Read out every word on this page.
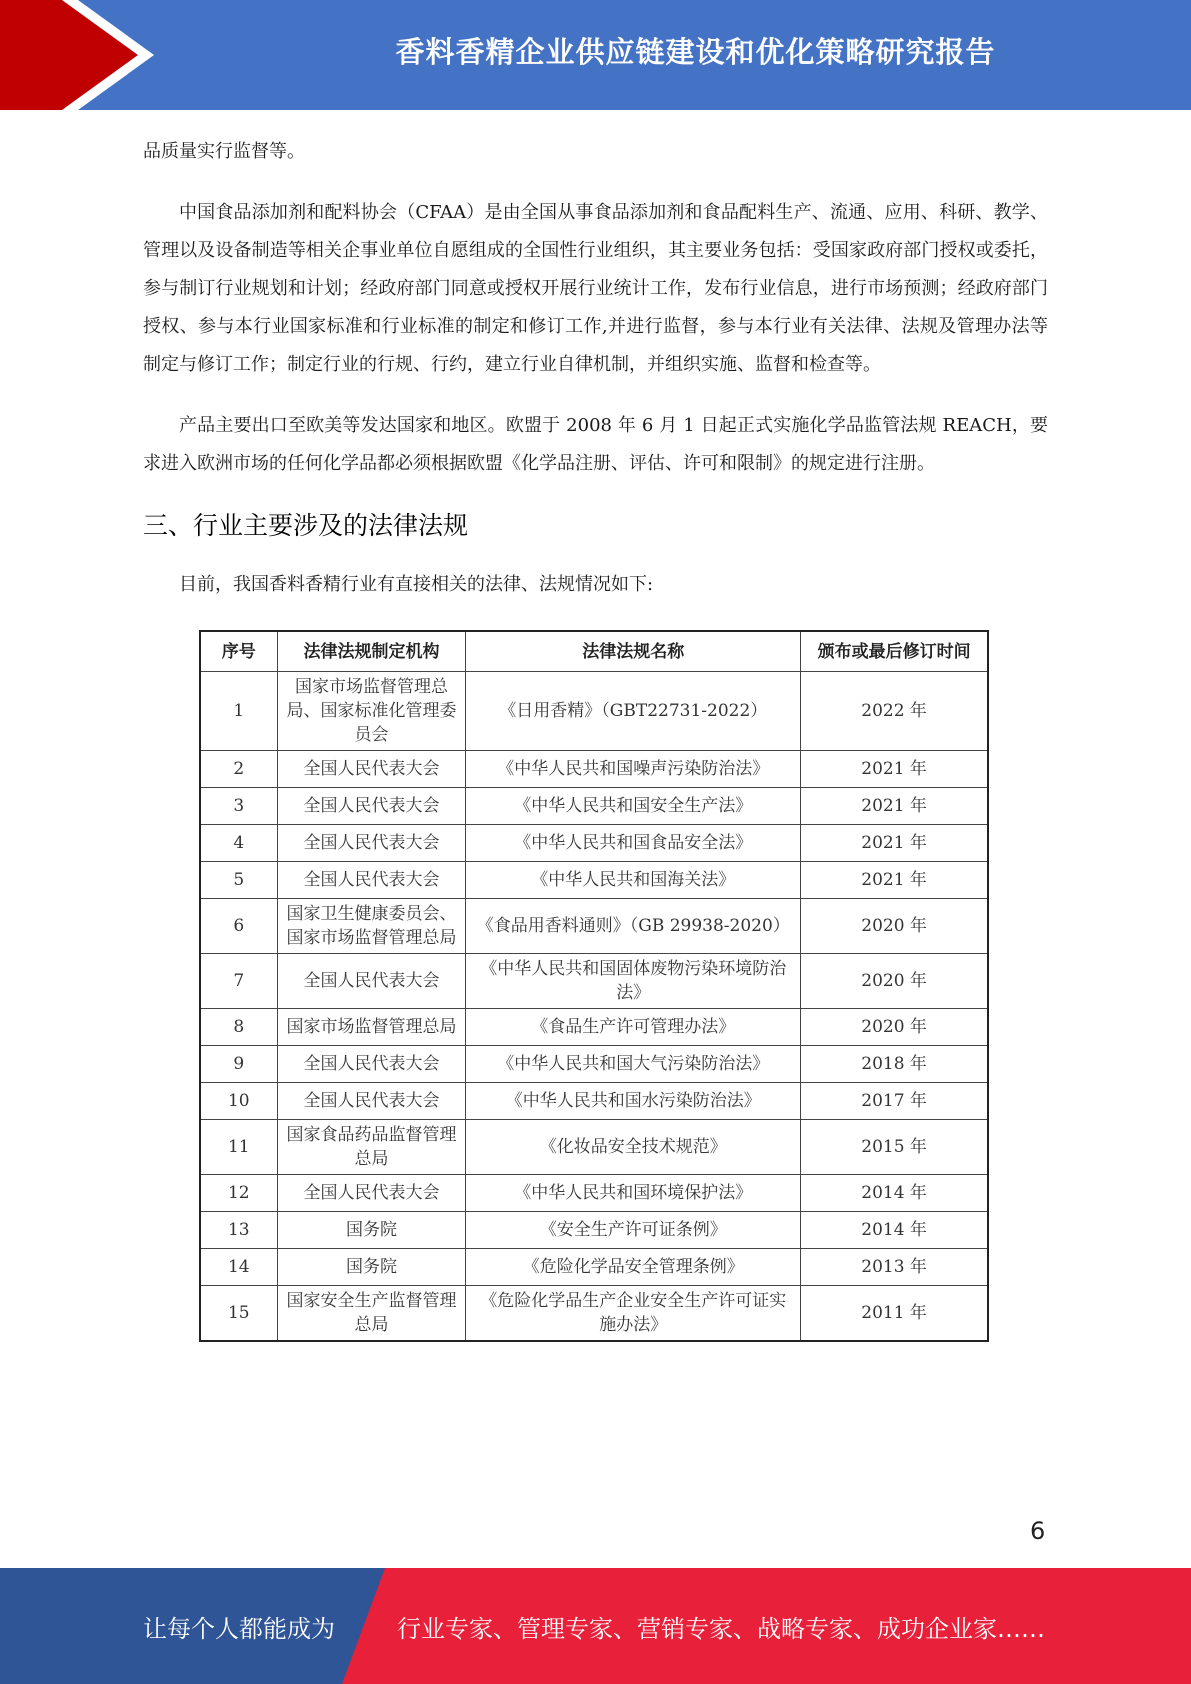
香料香精企业供应链建设和优化策略研究报告

品质量实行监督等。

中国食品添加剂和配料协会（CFAA）是由全国从事食品添加剂和食品配料生产、流通、应用、科研、教学、管理以及设备制造等相关企事业单位自愿组成的全国性行业组织，其主要业务包括：受国家政府部门授权或委托，参与制订行业规划和计划；经政府部门同意或授权开展行业统计工作，发布行业信息，进行市场预测；经政府部门授权、参与本行业国家标准和行业标准的制定和修订工作,并进行监督，参与本行业有关法律、法规及管理办法等制定与修订工作；制定行业的行规、行约，建立行业自律机制，并组织实施、监督和检查等。

产品主要出口至欧美等发达国家和地区。欧盟于 2008 年 6 月 1 日起正式实施化学品监管法规 REACH，要求进入欧洲市场的任何化学品都必须根据欧盟《化学品注册、评估、许可和限制》的规定进行注册。

三、行业主要涉及的法律法规

目前，我国香料香精行业有直接相关的法律、法规情况如下:

序号	法律法规制定机构	法律法规名称	颁布或最后修订时间
1	国家市场监督管理总局、国家标准化管理委员会	《日用香精》（GBT22731-2022）	2022 年
2	全国人民代表大会	《中华人民共和国噪声污染防治法》	2021 年
3	全国人民代表大会	《中华人民共和国安全生产法》	2021 年
4	全国人民代表大会	《中华人民共和国食品安全法》	2021 年
5	全国人民代表大会	《中华人民共和国海关法》	2021 年
6	国家卫生健康委员会、国家市场监督管理总局	《食品用香料通则》（GB 29938-2020）	2020 年
7	全国人民代表大会	《中华人民共和国固体废物污染环境防治法》	2020 年
8	国家市场监督管理总局	《食品生产许可管理办法》	2020 年
9	全国人民代表大会	《中华人民共和国大气污染防治法》	2018 年
10	全国人民代表大会	《中华人民共和国水污染防治法》	2017 年
11	国家食品药品监督管理总局	《化妆品安全技术规范》	2015 年
12	全国人民代表大会	《中华人民共和国环境保护法》	2014 年
13	国务院	《安全生产许可证条例》	2014 年
14	国务院	《危险化学品安全管理条例》	2013 年
15	国家安全生产监督管理总局	《危险化学品生产企业安全生产许可证实施办法》	2011 年
6
让每个人都能成为	行业专家、管理专家、营销专家、战略专家、成功企业家……
